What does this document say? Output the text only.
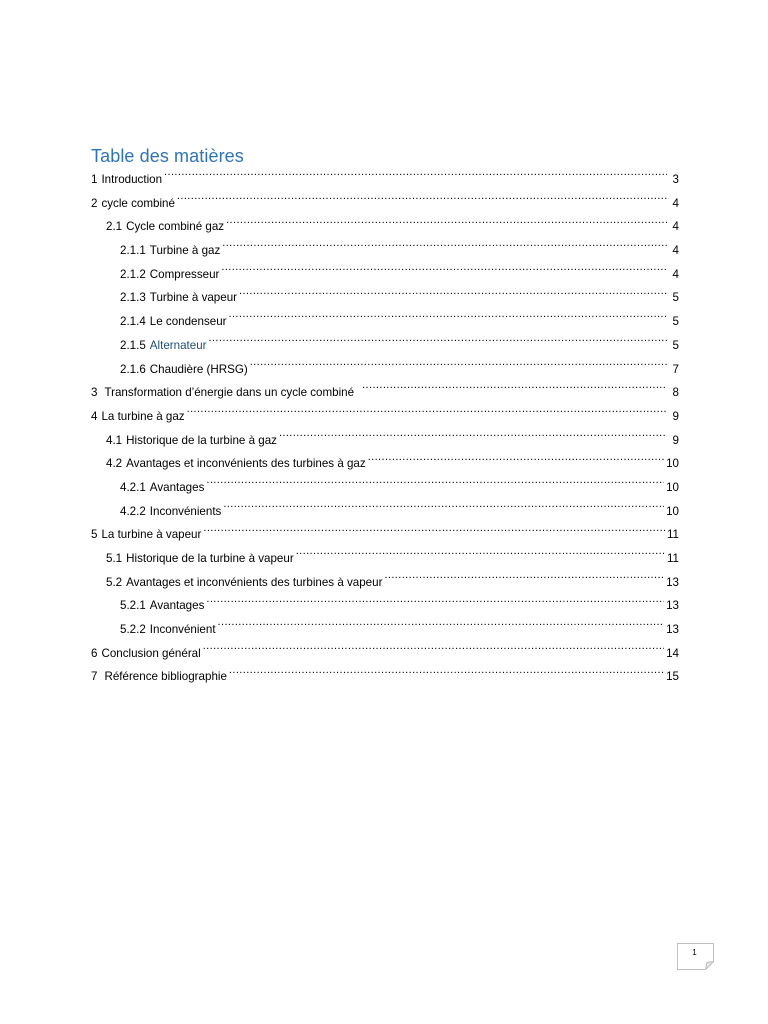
Table des matières
1 Introduction .....	3
2 cycle combiné .....	4
2.1 Cycle combiné gaz .....	4
2.1.1 Turbine à gaz .....	4
2.1.2 Compresseur .....	4
2.1.3 Turbine à vapeur .....	5
2.1.4 Le condenseur .....	5
2.1.5 Alternateur .....	5
2.1.6 Chaudière (HRSG) .....	7
3 Transformation d’énergie dans un cycle combiné .....	8
4 La turbine à gaz .....	9
4.1 Historique de la turbine à gaz .....	9
4.2 Avantages et inconvénients des turbines à gaz .....	10
4.2.1 Avantages .....	10
4.2.2 Inconvénients .....	10
5 La turbine à vapeur .....	11
5.1 Historique de la turbine à vapeur .....	11
5.2 Avantages et inconvénients des turbines à vapeur .....	13
5.2.1 Avantages .....	13
5.2.2 Inconvénient .....	13
6 Conclusion général .....	14
7 Référence bibliographie .....	15
1
